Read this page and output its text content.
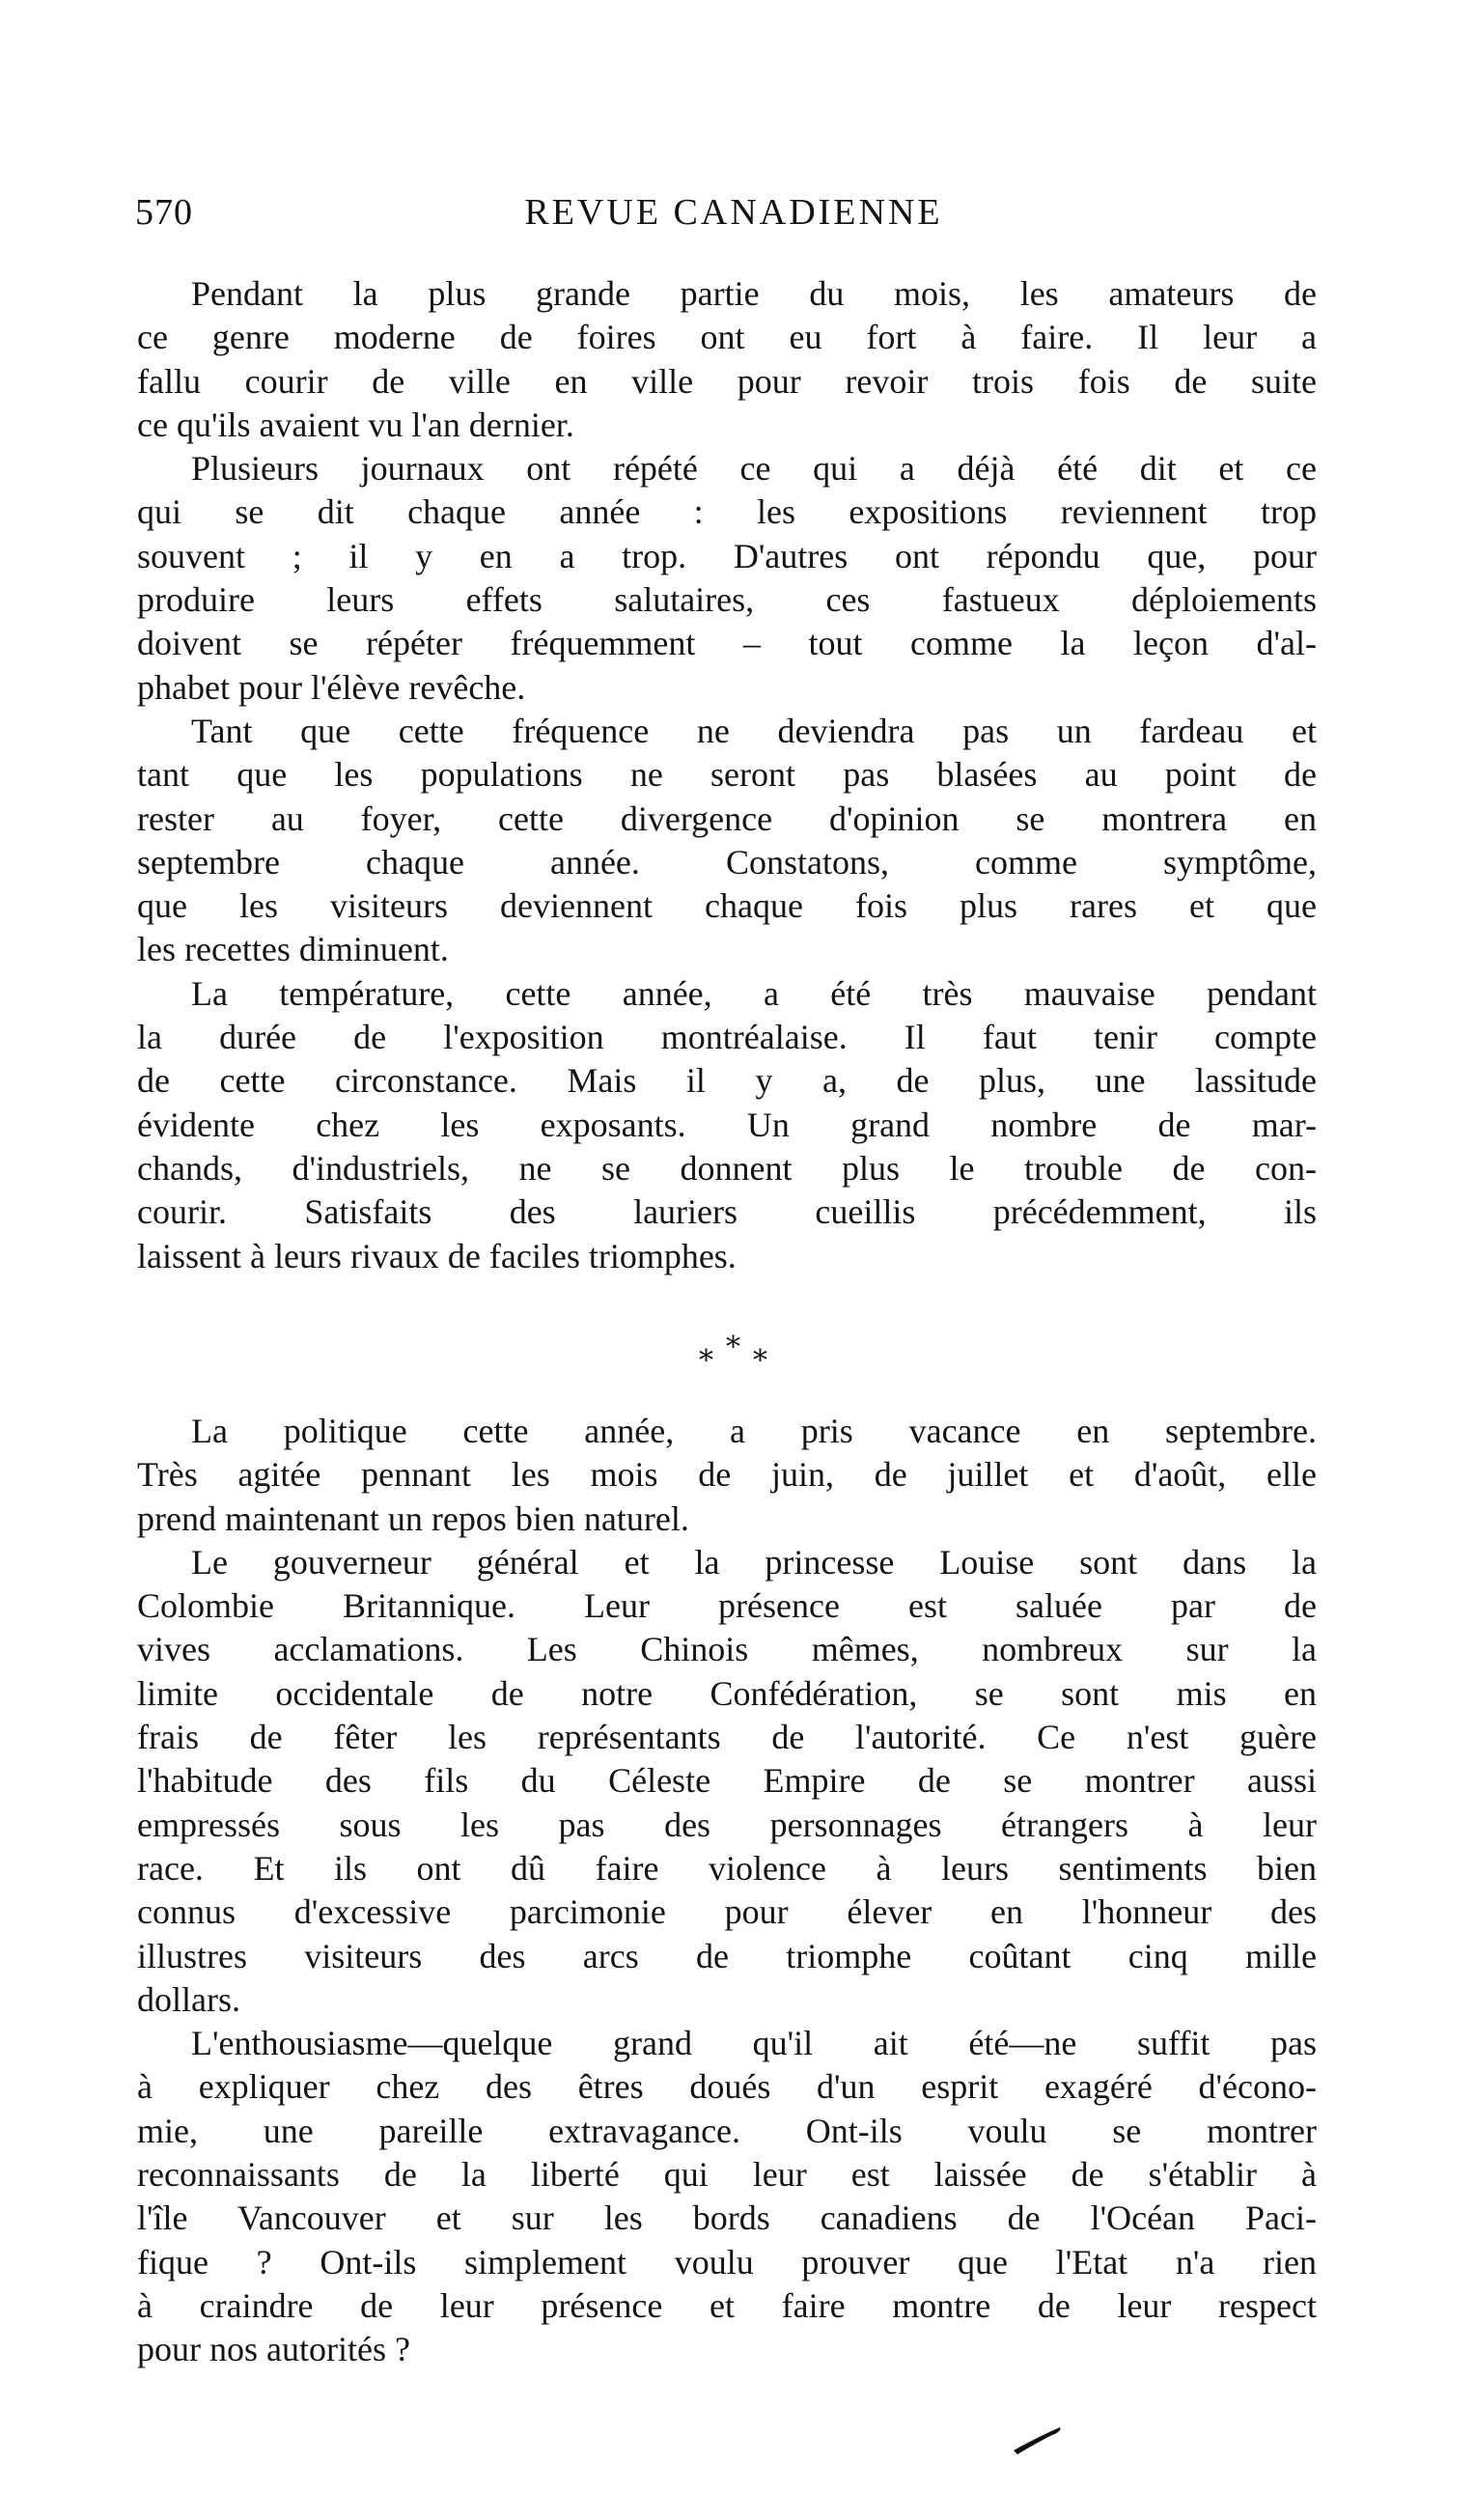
570	REVUE CANADIENNE
Pendant la plus grande partie du mois, les amateurs de
ce genre moderne de foires ont eu fort à faire. Il leur a
fallu courir de ville en ville pour revoir trois fois de suite
ce qu'ils avaient vu l'an dernier.
Plusieurs journaux ont répété ce qui a déjà été dit et ce
qui se dit chaque année : les expositions reviennent trop
souvent ; il y en a trop. D'autres ont répondu que, pour
produire leurs effets salutaires, ces fastueux déploiements
doivent se répéter fréquemment – tout comme la leçon d'al-
phabet pour l'élève revêche.
Tant que cette fréquence ne deviendra pas un fardeau et
tant que les populations ne seront pas blasées au point de
rester au foyer, cette divergence d'opinion se montrera en
septembre chaque année. Constatons, comme symptôme,
que les visiteurs deviennent chaque fois plus rares et que
les recettes diminuent.
La température, cette année, a été très mauvaise pendant
la durée de l'exposition montréalaise. Il faut tenir compte
de cette circonstance. Mais il y a, de plus, une lassitude
évidente chez les exposants. Un grand nombre de mar-
chands, d'industriels, ne se donnent plus le trouble de con-
courir. Satisfaits des lauriers cueillis précédemment, ils
laissent à leurs rivaux de faciles triomphes.
* * *
La politique cette année, a pris vacance en septembre.
Très agitée pennant les mois de juin, de juillet et d'août, elle
prend maintenant un repos bien naturel.
Le gouverneur général et la princesse Louise sont dans la
Colombie Britannique. Leur présence est saluée par de
vives acclamations. Les Chinois mêmes, nombreux sur la
limite occidentale de notre Confédération, se sont mis en
frais de fêter les représentants de l'autorité. Ce n'est guère
l'habitude des fils du Céleste Empire de se montrer aussi
empressés sous les pas des personnages étrangers à leur
race. Et ils ont dû faire violence à leurs sentiments bien
connus d'excessive parcimonie pour élever en l'honneur des
illustres visiteurs des arcs de triomphe coûtant cinq mille
dollars.
L'enthousiasme—quelque grand qu'il ait été—ne suffit pas
à expliquer chez des êtres doués d'un esprit exagéré d'écono-
mie, une pareille extravagance. Ont-ils voulu se montrer
reconnaissants de la liberté qui leur est laissée de s'établir à
l'île Vancouver et sur les bords canadiens de l'Océan Paci-
fique ? Ont-ils simplement voulu prouver que l'Etat n'a rien
à craindre de leur présence et faire montre de leur respect
pour nos autorités ?
